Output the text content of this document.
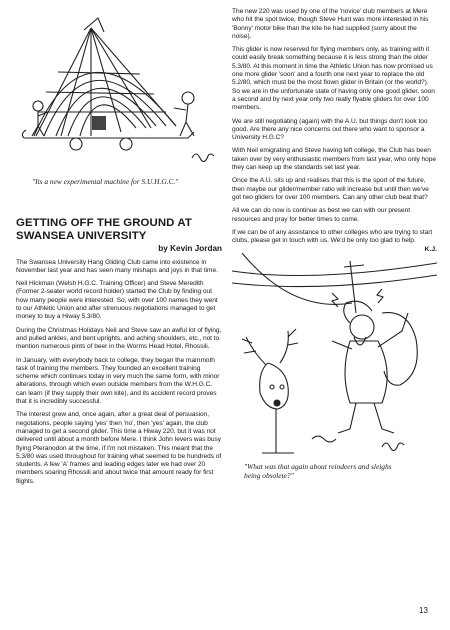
"Its a new experimental machine for S.U.H.G.C."

GETTING OFF THE GROUND AT
SWANSEA UNIVERSITY

by Kevin Jordan

The Swansea University Hang Gliding Club came into existence in November last year and has seen many mishaps and joys in that time.

Neil Hickman (Welsh H.G.C. Training Officer) and Steve Meredith (Former 2-seater world record holder) started the Club by finding out how many people were interested. So, with over 100 names they went to our Athletic Union and after strenuous negotiations managed to get money to buy a Hiway 5.3/80.

During the Christmas Holidays Neil and Steve saw an awful lot of flying, and pulled ankles, and bent uprights, and aching shoulders, etc., not to mention numerous pints of beer in the Worms Head Hotel, Rhossili.

In January, with everybody back to college, they began the mammoth task of training the members. They founded an excellent training scheme which continues today in very much the same form, with minor alterations, through which even outside members from the W.H.G.C. can learn (if they supply their own kite), and its accident record proves that it is incredibly successful.

The interest grew and, once again, after a great deal of persuasion, negotations, people saying 'yes' then 'no', then 'yes' again, the club managed to get a second glider. This time a Hiway 220, but it was not delivered until about a month before Mere. I think John Ievers was busy flying Pteranodon at the time, if I'm not mistaken. This meant that the 5.3/80 was used throughout for training what seemed to be hundreds of students. A few 'A' frames and leading edges later we had over 20 members soaring Rhossili and about twice that amount ready for first flights.

The new 220 was used by one of the 'novice' club members at Mere who hit the spot twice, though Steve Hunt was more interested in his 'Bonny' motor bike than the kite he had supplied (sorry about the noise).

This glider is now reserved for flying members only, as training with it could easily break something because it is less strong than the older 5.3/80. At this moment in time the Athletic Union has now promised us one more glider 'soon' and a fourth one next year to replace the old 5.2/80, which must be the most flown glider in Britain (or the world?). So we are in the unfortunate state of having only one good glider, soon a second and by next year only two really flyable gliders for over 100 members.

We are still negotiating (again) with the A.U. but things don't look too good. Are there any nice concerns out there who want to sponsor a University H.G.C?

With Neil emigrating and Steve having left college, the Club has been taken over by very enthusiastic members from last year, who only hope they can keep up the standards set last year.

Once the A.U. sits up and realises that this is the sport of the future, then maybe our glider/member ratio will increase but until then we've got two gliders for over 100 members. Can any other club beat that?

All we can do now is continue as best we can with our present resources and pray for better times to come.

If we can be of any assistance to other colleges who are trying to start clubs, please get in touch with us. We'd be only too glad to help.

K.J.

"What was that again about reindeers and sleighs
being obsolete?"

13
